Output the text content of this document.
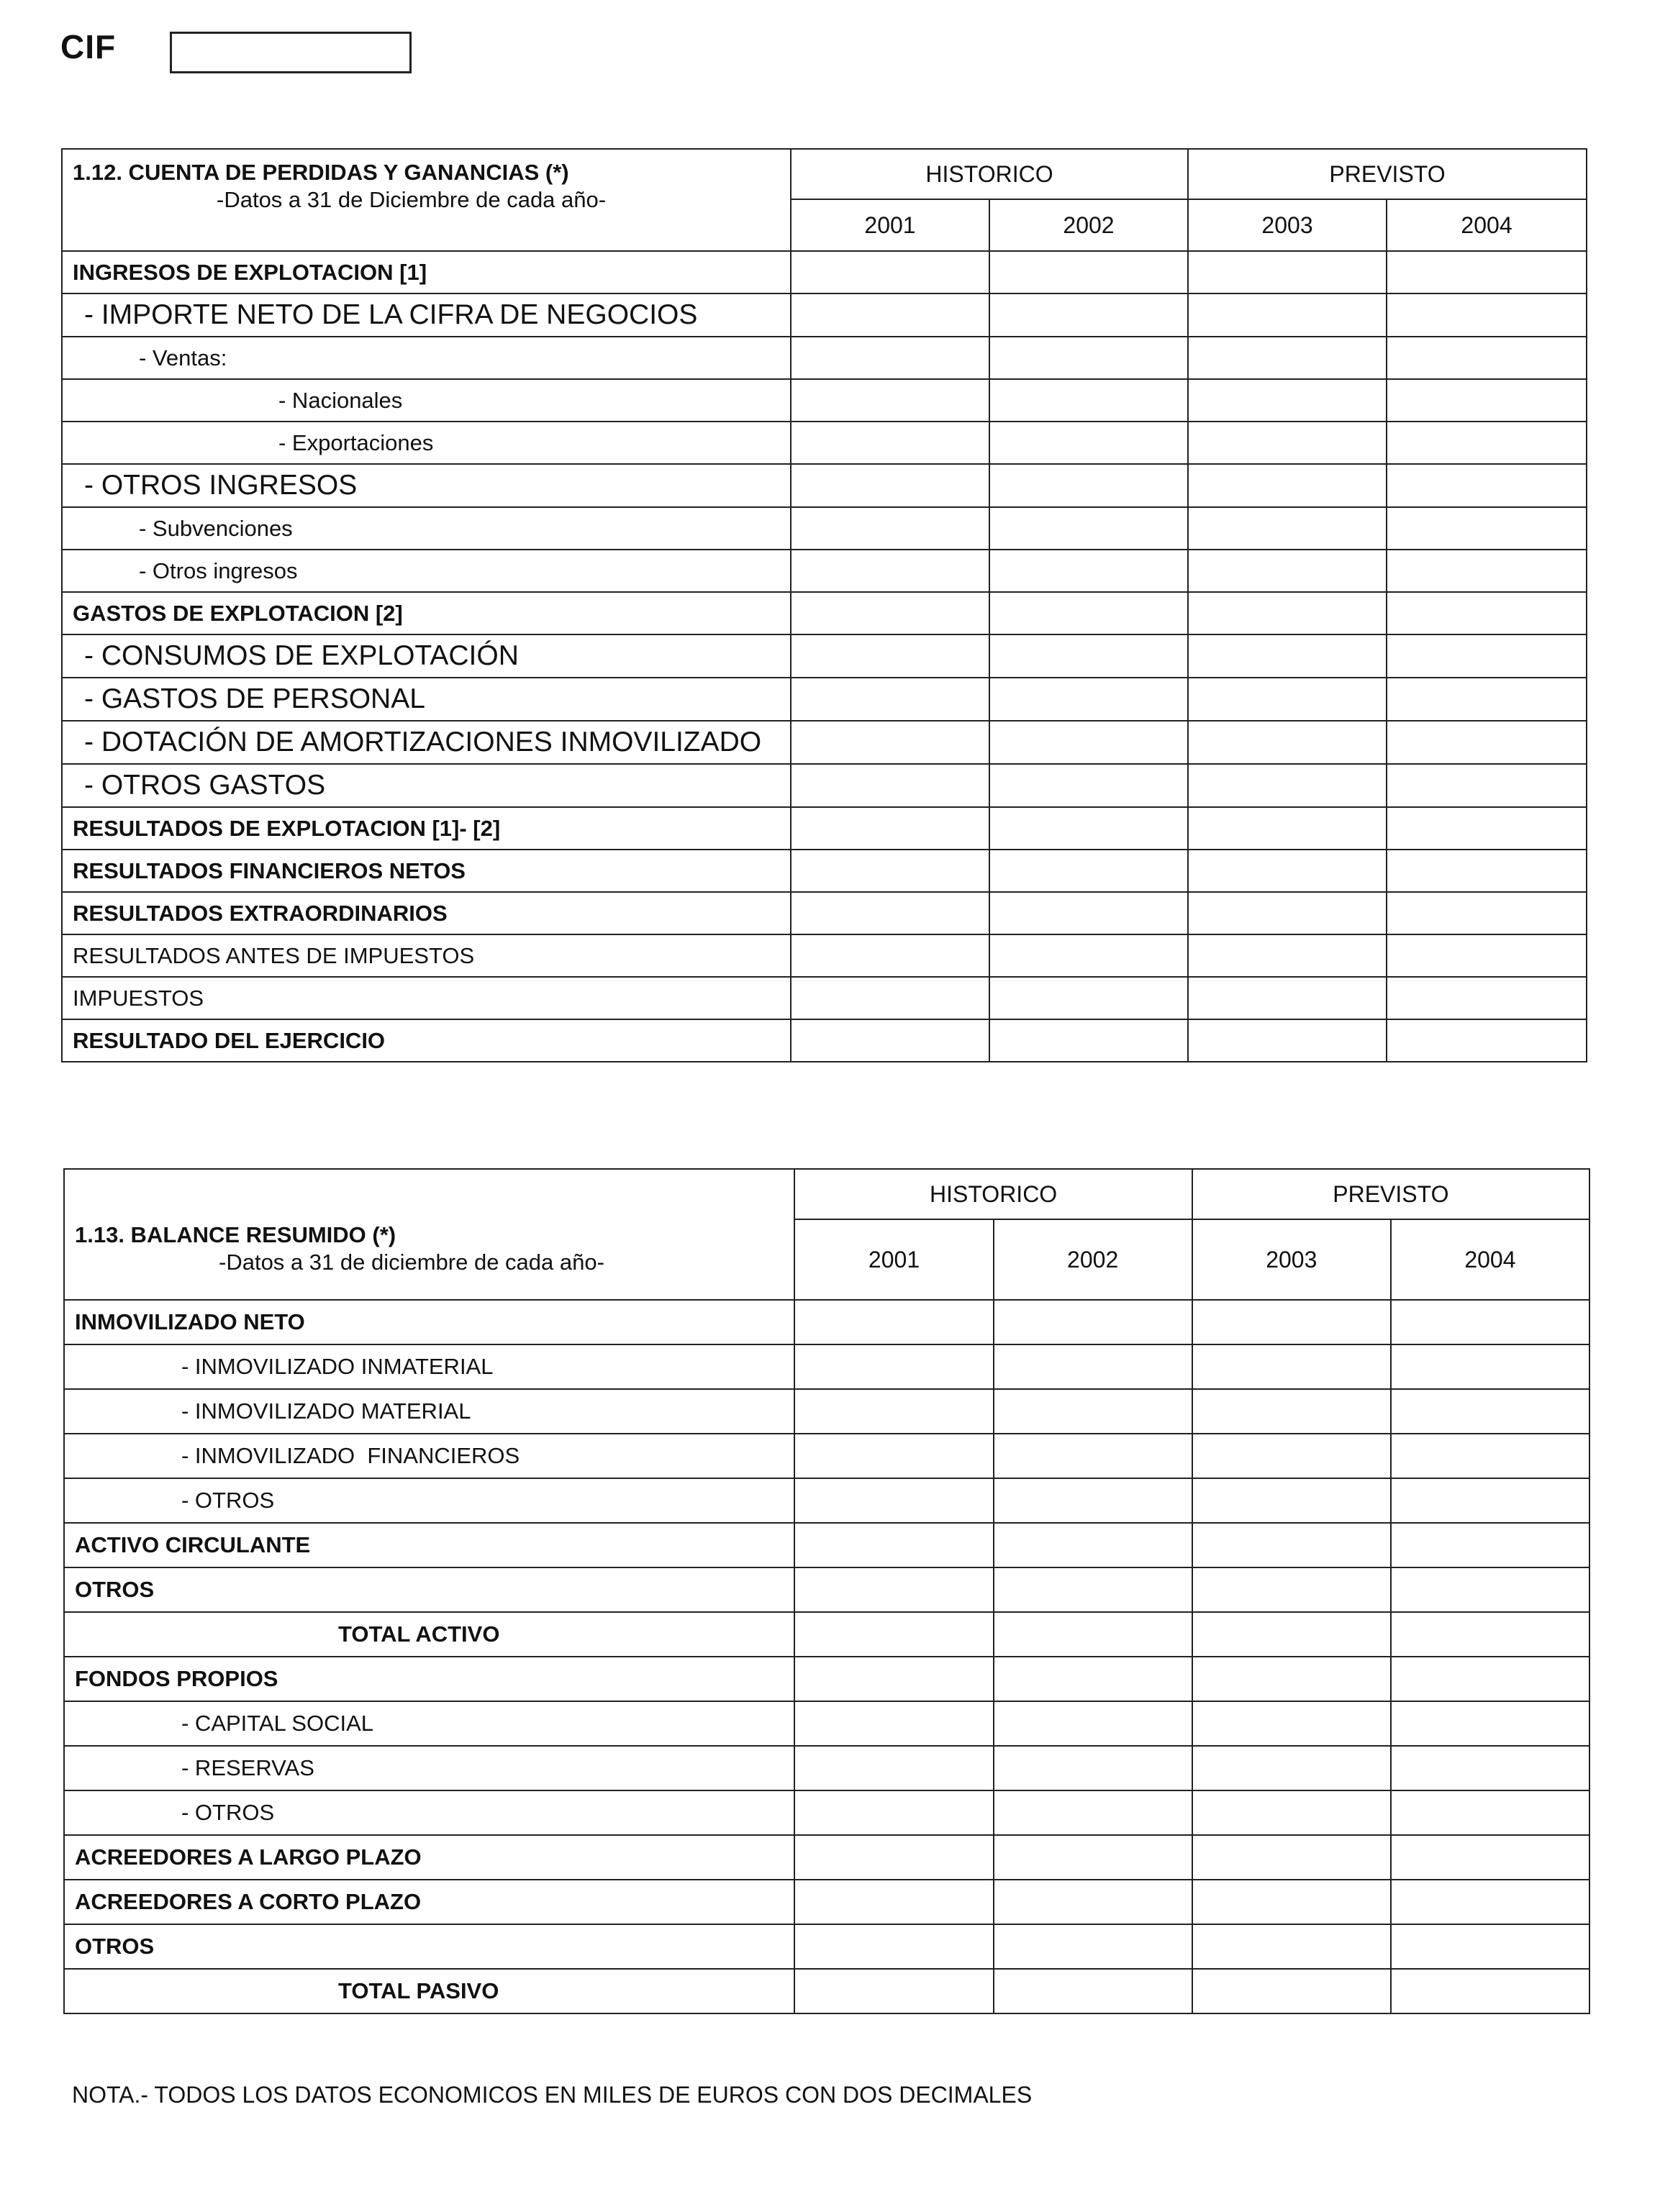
CIF
1.12. CUENTA DE PERDIDAS Y GANANCIAS (*)
-Datos a 31 de Diciembre de cada año-	HISTORICO		PREVISTO	
	2001	2002	2003	2004
INGRESOS DE EXPLOTACION [1]				
- IMPORTE NETO DE LA CIFRA DE NEGOCIOS				
- Ventas:				
- Nacionales				
- Exportaciones				
- OTROS INGRESOS				
- Subvenciones				
- Otros ingresos				
GASTOS DE EXPLOTACION [2]				
- CONSUMOS DE EXPLOTACIÓN				
- GASTOS DE PERSONAL				
- DOTACIÓN DE AMORTIZACIONES INMOVILIZADO				
- OTROS GASTOS				
RESULTADOS DE EXPLOTACION [1]- [2]				
RESULTADOS FINANCIEROS NETOS				
RESULTADOS EXTRAORDINARIOS				
RESULTADOS ANTES DE IMPUESTOS				
IMPUESTOS				
RESULTADO DEL EJERCICIO				
1.13. BALANCE RESUMIDO (*)
-Datos a 31 de diciembre de cada año-	HISTORICO		PREVISTO	
	2001	2002	2003	2004
INMOVILIZADO NETO				
- INMOVILIZADO INMATERIAL				
- INMOVILIZADO MATERIAL				
- INMOVILIZADO  FINANCIEROS				
- OTROS				
ACTIVO CIRCULANTE				
OTROS				
TOTAL ACTIVO				
FONDOS PROPIOS				
- CAPITAL SOCIAL				
- RESERVAS				
- OTROS				
ACREEDORES A LARGO PLAZO				
ACREEDORES A CORTO PLAZO				
OTROS				
TOTAL PASIVO				
NOTA.- TODOS LOS DATOS ECONOMICOS EN MILES DE EUROS CON DOS DECIMALES
